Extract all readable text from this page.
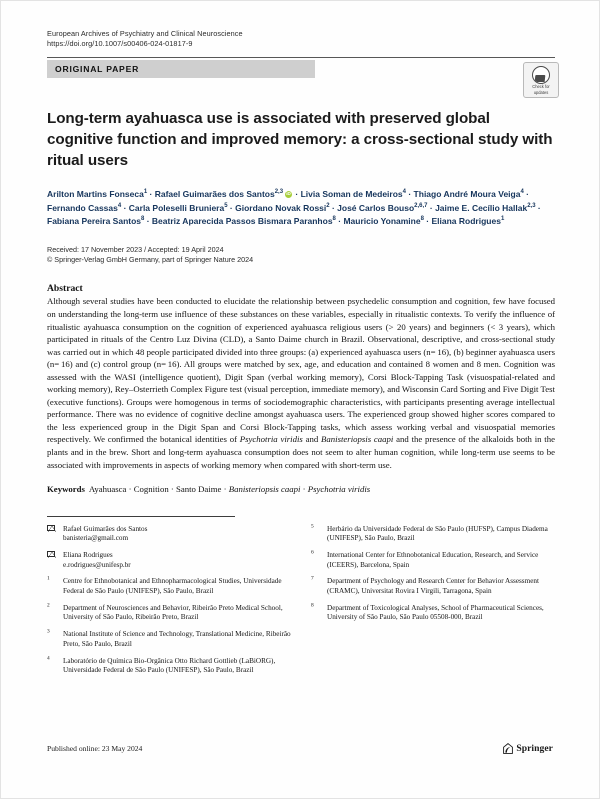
European Archives of Psychiatry and Clinical Neuroscience
https://doi.org/10.1007/s00406-024-01817-9
ORIGINAL PAPER
Check for
updates
Long-term ayahuasca use is associated with preserved global cognitive function and improved memory: a cross-sectional study with ritual users
Arilton Martins Fonseca$^1$ · Rafael Guimarães dos Santos$^{2,3}$iD · Livia Soman de Medeiros$^4$ · Thiago André Moura Veiga$^4$ · Fernando Cassas$^4$ · Carla Poleselli Bruniera$^5$ · Giordano Novak Rossi$^2$ · José Carlos Bouso$^{2,6,7}$ · Jaime E. Cecílio Hallak$^{2,3}$ · Fabiana Pereira Santos$^8$ · Beatriz Aparecida Passos Bismara Paranhos$^8$ · Mauricio Yonamine$^8$ · Eliana Rodrigues$^1$
Received: 17 November 2023 / Accepted: 19 April 2024
© Springer-Verlag GmbH Germany, part of Springer Nature 2024
Abstract
Although several studies have been conducted to elucidate the relationship between psychedelic consumption and cognition, few have focused on understanding the long-term use influence of these substances on these variables, especially in ritualistic contexts. To verify the influence of ritualistic ayahuasca consumption on the cognition of experienced ayahuasca religious users (> 20 years) and beginners (< 3 years), which participated in rituals of the Centro Luz Divina (CLD), a Santo Daime church in Brazil. Observational, descriptive, and cross-sectional study was carried out in which 48 people participated divided into three groups: (a) experienced ayahuasca users (n= 16), (b) beginner ayahuasca users (n= 16) and (c) control group (n= 16). All groups were matched by sex, age, and education and contained 8 women and 8 men. Cognition was assessed with the WASI (intelligence quotient), Digit Span (verbal working memory), Corsi Block-Tapping Task (visuospatial-related and working memory), Rey–Osterrieth Complex Figure test (visual perception, immediate memory), and Wisconsin Card Sorting and Five Digit Test (executive functions). Groups were homogenous in terms of sociodemographic characteristics, with participants presenting average intellectual performance. There was no evidence of cognitive decline amongst ayahuasca users. The experienced group showed higher scores compared to the less experienced group in the Digit Span and Corsi Block-Tapping tasks, which assess working verbal and visuospatial memories respectively. We confirmed the botanical identities of Psychotria viridis and Banisteriopsis caapi and the presence of the alkaloids both in the plants and in the brew. Short and long-term ayahuasca consumption does not seem to alter human cognition, while long-term use seems to be associated with improvements in aspects of working memory when compared with short-term use.
Keywords Ayahuasca · Cognition · Santo Daime · Banisteriopsis caapi · Psychotria viridis
Rafael Guimarães dos Santos
banisteria@gmail.com
Eliana Rodrigues
e.rodrigues@unifesp.br
$^1$	Centre for Ethnobotanical and Ethnopharmacological Studies, Universidade Federal de São Paulo (UNIFESP), São Paulo, Brazil
$^2$	Department of Neurosciences and Behavior, Ribeirão Preto Medical School, University of São Paulo, Ribeirão Preto, Brazil
$^3$	National Institute of Science and Technology, Translational Medicine, Ribeirão Preto, São Paulo, Brazil
$^4$	Laboratório de Química Bio-Orgânica Otto Richard Gottlieb (LaBiORG), Universidade Federal de São Paulo (UNIFESP), São Paulo, Brazil
$^5$	Herbário da Universidade Federal de São Paulo (HUFSP), Campus Diadema (UNIFESP), São Paulo, Brazil
$^6$	International Center for Ethnobotanical Education, Research, and Service (ICEERS), Barcelona, Spain
$^7$	Department of Psychology and Research Center for Behavior Assessment (CRAMC), Universitat Rovira I Virgili, Tarragona, Spain
$^8$	Department of Toxicological Analyses, School of Pharmaceutical Sciences, University of São Paulo, São Paulo 05508-000, Brazil
Published online: 23 May 2024	Springer
